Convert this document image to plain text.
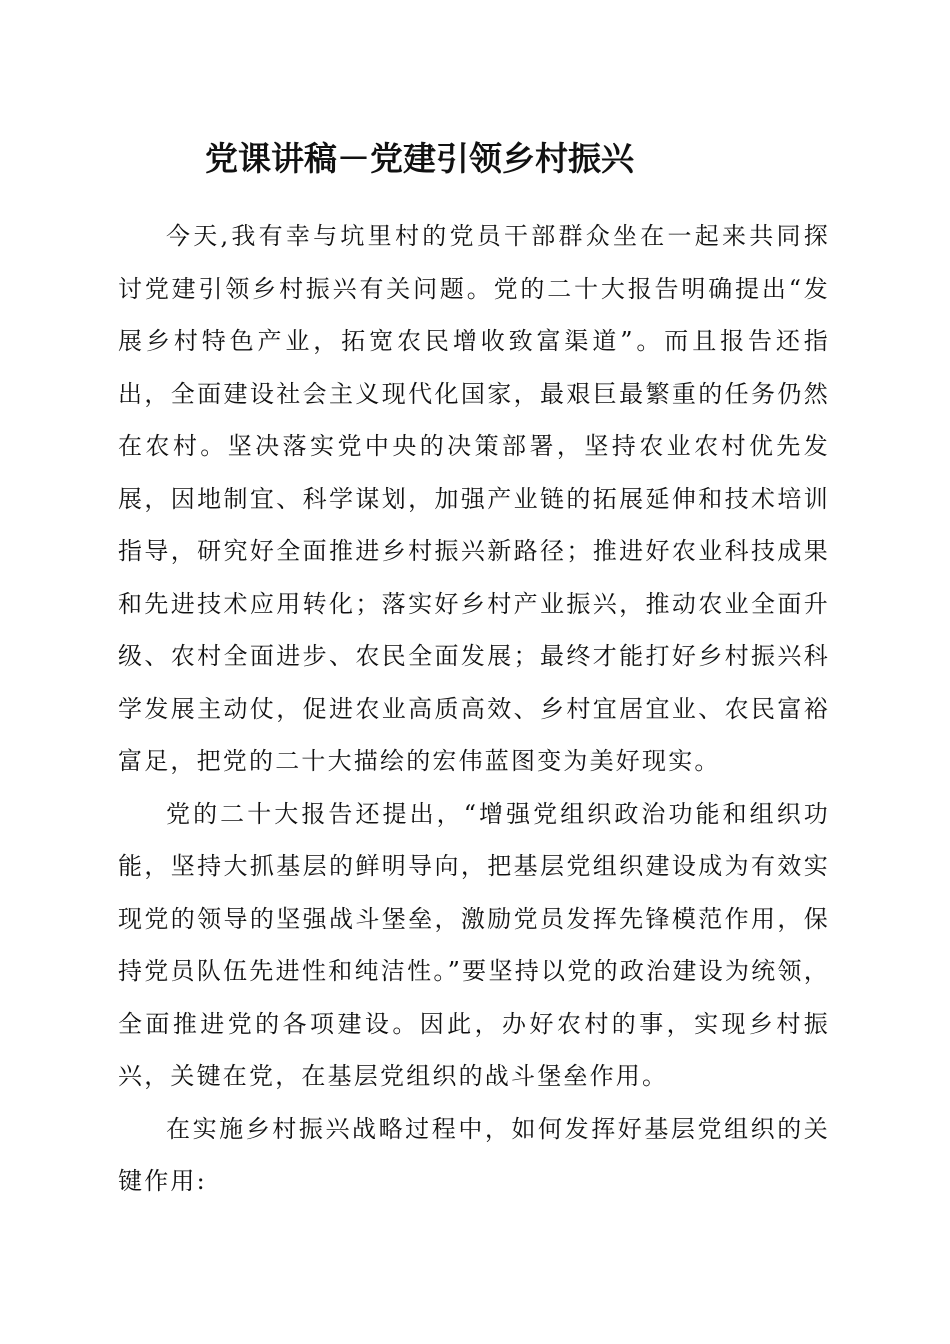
党课讲稿－党建引领乡村振兴

今天,我有幸与坑里村的党员干部群众坐在一起来共同探讨党建引领乡村振兴有关问题。党的二十大报告明确提出“发展乡村特色产业，拓宽农民增收致富渠道”。而且报告还指出，全面建设社会主义现代化国家，最艰巨最繁重的任务仍然在农村。坚决落实党中央的决策部署，坚持农业农村优先发展，因地制宜、科学谋划，加强产业链的拓展延伸和技术培训指导，研究好全面推进乡村振兴新路径；推进好农业科技成果和先进技术应用转化；落实好乡村产业振兴，推动农业全面升级、农村全面进步、农民全面发展；最终才能打好乡村振兴科学发展主动仗，促进农业高质高效、乡村宜居宜业、农民富裕富足，把党的二十大描绘的宏伟蓝图变为美好现实。

党的二十大报告还提出，“增强党组织政治功能和组织功能，坚持大抓基层的鲜明导向，把基层党组织建设成为有效实现党的领导的坚强战斗堡垒，激励党员发挥先锋模范作用，保持党员队伍先进性和纯洁性。”要坚持以党的政治建设为统领，全面推进党的各项建设。因此，办好农村的事，实现乡村振兴，关键在党，在基层党组织的战斗堡垒作用。

在实施乡村振兴战略过程中，如何发挥好基层党组织的关键作用:
